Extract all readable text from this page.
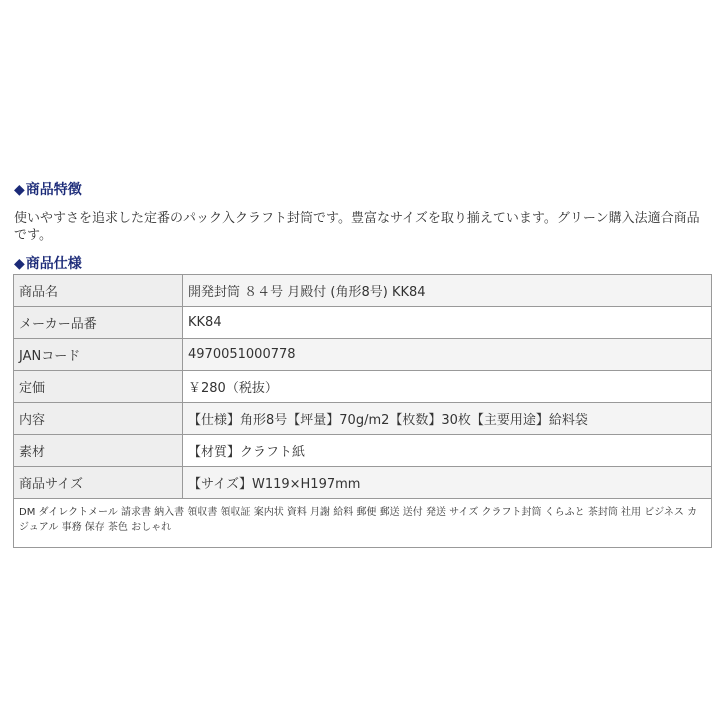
◆商品特徴

使いやすさを追求した定番のパック入クラフト封筒です。豊富なサイズを取り揃えています。グリーン購入法適合商品です。

◆商品仕様
商品名	開発封筒 ８４号 月殿付 (角形8号) KK84
メーカー品番	KK84
JANコード	4970051000778
定価	￥280（税抜）
内容	【仕様】角形8号【坪量】70g/m2【枚数】30枚【主要用途】給料袋
素材	【材質】クラフト紙
商品サイズ	【サイズ】W119×H197mm
DM ダイレクトメール 請求書 納入書 領収書 領収証 案内状 資料 月謝 給料 郵便 郵送 送付 発送 サイズ クラフト封筒 くらふと 茶封筒 社用 ビジネス カジュアル 事務 保存 茶色 おしゃれ	
